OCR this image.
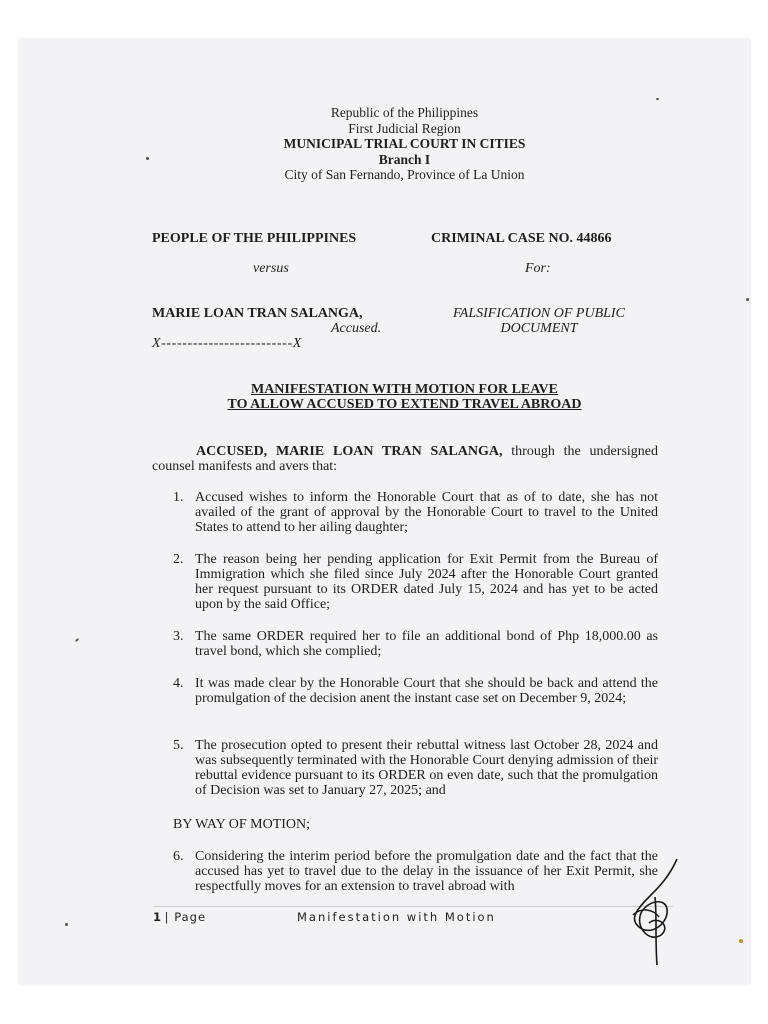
Republic of the Philippines
First Judicial Region
MUNICIPAL TRIAL COURT IN CITIES
Branch I
City of San Fernando, Province of La Union
PEOPLE OF THE PHILIPPINES
versus
MARIE LOAN TRAN SALANGA,
Accused.
X-------------------------X
CRIMINAL CASE NO. 44866
For:
FALSIFICATION OF PUBLIC
DOCUMENT
MANIFESTATION WITH MOTION FOR LEAVE
TO ALLOW ACCUSED TO EXTEND TRAVEL ABROAD
ACCUSED, MARIE LOAN TRAN SALANGA, through the undersigned counsel manifests and avers that:
1. Accused wishes to inform the Honorable Court that as of to date, she has not availed of the grant of approval by the Honorable Court to travel to the United States to attend to her ailing daughter;
2. The reason being her pending application for Exit Permit from the Bureau of Immigration which she filed since July 2024 after the Honorable Court granted her request pursuant to its ORDER dated July 15, 2024 and has yet to be acted upon by the said Office;
3. The same ORDER required her to file an additional bond of Php 18,000.00 as travel bond, which she complied;
4. It was made clear by the Honorable Court that she should be back and attend the promulgation of the decision anent the instant case set on December 9, 2024;
5. The prosecution opted to present their rebuttal witness last October 28, 2024 and was subsequently terminated with the Honorable Court denying admission of their rebuttal evidence pursuant to its ORDER on even date, such that the promulgation of Decision was set to January 27, 2025; and
BY WAY OF MOTION;
6. Considering the interim period before the promulgation date and the fact that the accused has yet to travel due to the delay in the issuance of her Exit Permit, she respectfully moves for an extension to travel abroad with
1 | Page	Manifestation with Motion
